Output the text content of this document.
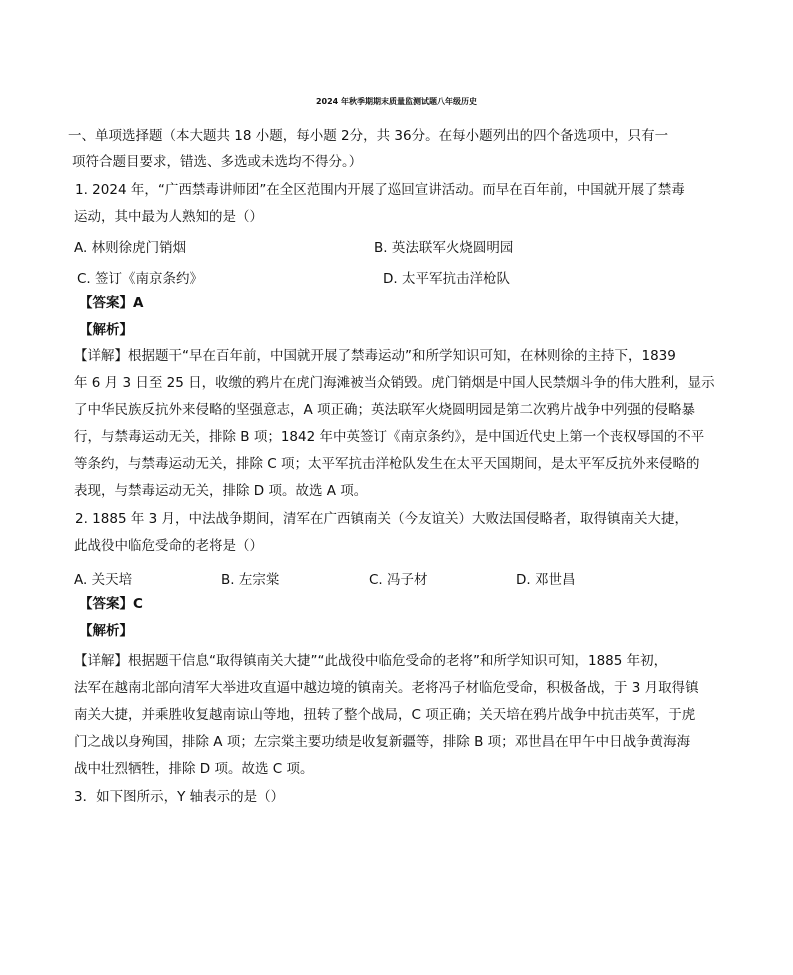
2024 年秋季期期末质量监测试题八年级历史
一、单项选择题（本大题共 18 小题，每小题 2分，共 36分。在每小题列出的四个备选项中，只有一
项符合题目要求，错选、多选或未选均不得分。）
1. 2024 年，“广西禁毒讲师团”在全区范围内开展了巡回宣讲活动。而早在百年前，中国就开展了禁毒
运动，其中最为人熟知的是（）
A. 林则徐虎门销烟	B. 英法联军火烧圆明园
C. 签订《南京条约》	D. 太平军抗击洋枪队
【答案】A
【解析】
【详解】根据题干“早在百年前，中国就开展了禁毒运动”和所学知识可知，在林则徐的主持下，1839
年 6 月 3 日至 25 日，收缴的鸦片在虎门海滩被当众销毁。虎门销烟是中国人民禁烟斗争的伟大胜利，显示
了中华民族反抗外来侵略的坚强意志，A 项正确；英法联军火烧圆明园是第二次鸦片战争中列强的侵略暴
行，与禁毒运动无关，排除 B 项；1842 年中英签订《南京条约》，是中国近代史上第一个丧权辱国的不平
等条约，与禁毒运动无关，排除 C 项；太平军抗击洋枪队发生在太平天国期间，是太平军反抗外来侵略的
表现，与禁毒运动无关，排除 D 项。故选 A 项。
2. 1885 年 3 月，中法战争期间，清军在广西镇南关（今友谊关）大败法国侵略者，取得镇南关大捷，
此战役中临危受命的老将是（）
A. 关天培	B. 左宗棠	C. 冯子材	D. 邓世昌
【答案】C
【解析】
【详解】根据题干信息“取得镇南关大捷”“此战役中临危受命的老将”和所学知识可知，1885 年初，
法军在越南北部向清军大举进攻直逼中越边境的镇南关。老将冯子材临危受命，积极备战，于 3 月取得镇
南关大捷，并乘胜收复越南谅山等地，扭转了整个战局，C 项正确；关天培在鸦片战争中抗击英军，于虎
门之战以身殉国，排除 A 项；左宗棠主要功绩是收复新疆等，排除 B 项；邓世昌在甲午中日战争黄海海
战中壮烈牺牲，排除 D 项。故选 C 项。
3．如下图所示，Y 轴表示的是（）
